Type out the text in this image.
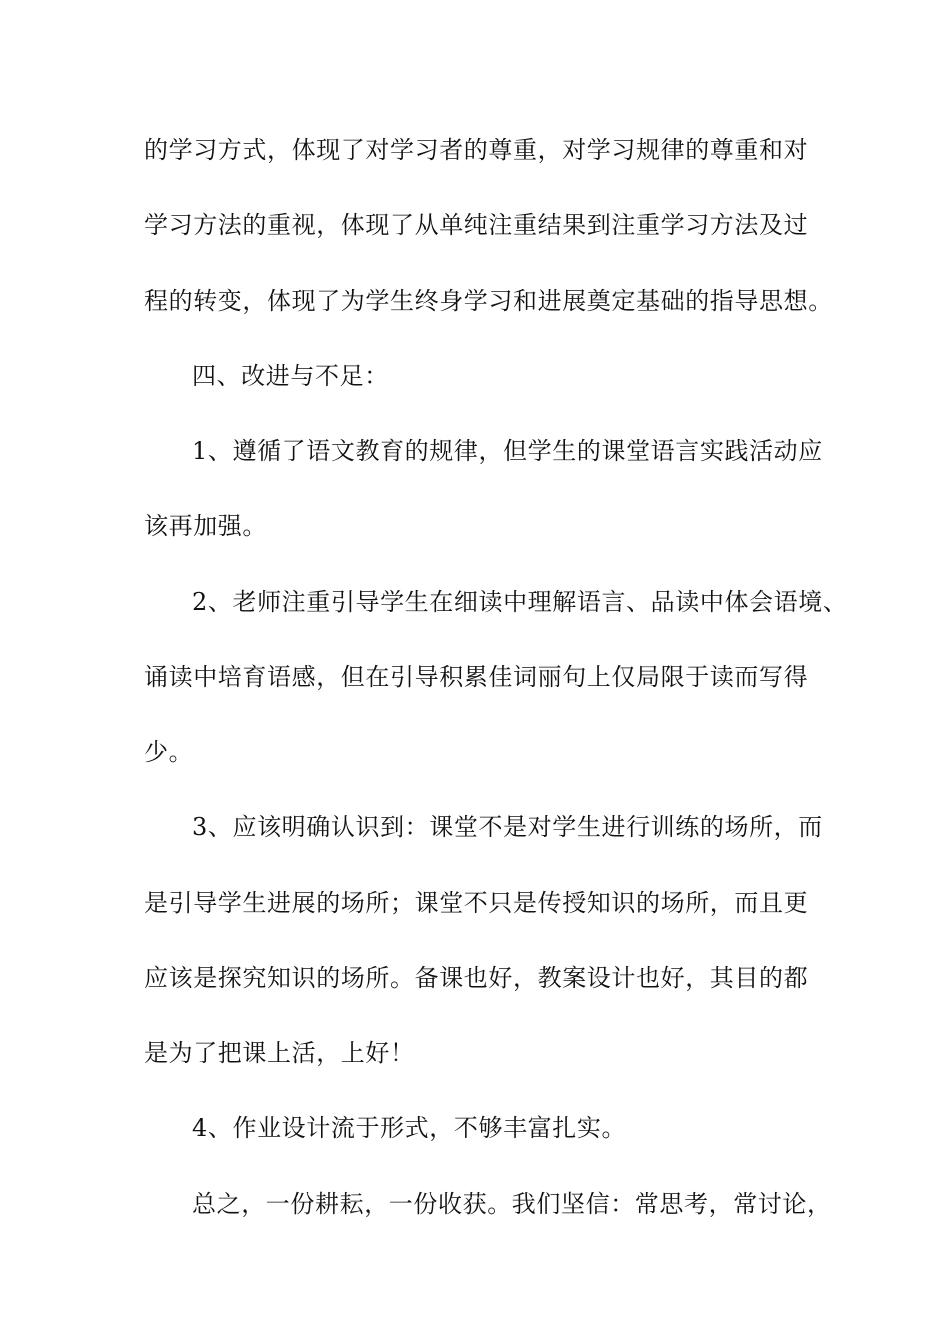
的学习方式，体现了对学习者的尊重，对学习规律的尊重和对
学习方法的重视，体现了从单纯注重结果到注重学习方法及过
程的转变，体现了为学生终身学习和进展奠定基础的指导思想。
四、改进与不足：
1、遵循了语文教育的规律，但学生的课堂语言实践活动应
该再加强。
2、老师注重引导学生在细读中理解语言、品读中体会语境、
诵读中培育语感，但在引导积累佳词丽句上仅局限于读而写得
少。
3、应该明确认识到：课堂不是对学生进行训练的场所，而
是引导学生进展的场所；课堂不只是传授知识的场所，而且更
应该是探究知识的场所。备课也好，教案设计也好，其目的都
是为了把课上活，上好！
4、作业设计流于形式，不够丰富扎实。
总之，一份耕耘，一份收获。我们坚信：常思考，常讨论，
